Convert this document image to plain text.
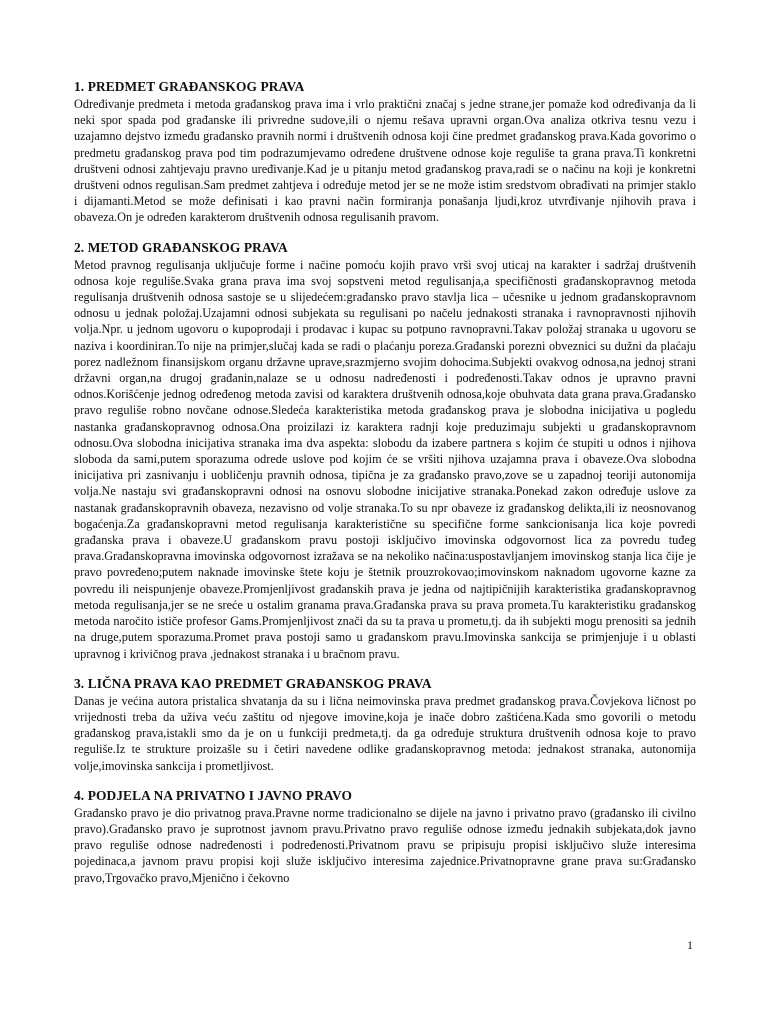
1. PREDMET GRAĐANSKOG PRAVA

Određivanje predmeta i metoda građanskog prava ima i vrlo praktični značaj s jedne strane,jer pomaže kod određivanja da li neki spor spada pod građanske ili privredne sudove,ili o njemu rešava upravni organ.Ova analiza otkriva tesnu vezu i uzajamno dejstvo između građansko pravnih normi i društvenih odnosa koji čine predmet građanskog prava.Kada govorimo o predmetu građanskog prava pod tim podrazumjevamo određene društvene odnose koje reguliše ta grana prava.Ti konkretni društveni odnosi zahtjevaju pravno uređivanje.Kad je u pitanju metod građanskog prava,radi se o načinu na koji je konkretni društveni odnos regulisan.Sam predmet zahtjeva i određuje metod jer se ne može istim sredstvom obrađivati na primjer staklo i dijamanti.Metod se može definisati i kao pravni način formiranja ponašanja ljudi,kroz utvrđivanje njihovih prava i obaveza.On je određen karakterom društvenih odnosa regulisanih pravom.

2. METOD GRAĐANSKOG PRAVA

Metod pravnog regulisanja uključuje forme i načine pomoću kojih pravo vrši svoj uticaj na karakter i sadržaj društvenih odnosa koje reguliše.Svaka grana prava ima svoj sopstveni metod regulisanja,a specifičnosti građanskopravnog metoda regulisanja društvenih odnosa sastoje se u slijedećem:građansko pravo stavlja lica – učesnike u jednom građanskopravnom odnosu u jednak položaj.Uzajamni odnosi subjekata su regulisani po načelu jednakosti stranaka i ravnopravnosti njihovih volja.Npr. u jednom ugovoru o kupoprodaji i prodavac i kupac su potpuno ravnopravni.Takav položaj stranaka u ugovoru se naziva i koordiniran.To nije na primjer,slučaj kada se radi o plaćanju poreza.Građanski porezni obveznici su dužni da plaćaju porez nadležnom finansijskom organu državne uprave,srazmjerno svojim dohocima.Subjekti ovakvog odnosa,na jednoj strani državni organ,na drugoj građanin,nalaze se u odnosu nadređenosti i podređenosti.Takav odnos je upravno pravni odnos.Korišćenje jednog određenog metoda zavisi od karaktera društvenih odnosa,koje obuhvata data grana prava.Građansko pravo reguliše robno novčane odnose.Sledeća karakteristika metoda građanskog prava je slobodna inicijativa u pogledu nastanka građanskopravnog odnosa.Ona proizilazi iz karaktera radnji koje preduzimaju subjekti u građanskopravnom odnosu.Ova slobodna inicijativa stranaka ima dva aspekta: slobodu da izabere partnera s kojim će stupiti u odnos i njihova sloboda da sami,putem sporazuma odrede uslove pod kojim će se vršiti njihova uzajamna prava i obaveze.Ova slobodna inicijativa pri zasnivanju i uobličenju pravnih odnosa, tipična je za građansko pravo,zove se u zapadnoj teoriji autonomija volja.Ne nastaju svi građanskopravni odnosi na osnovu slobodne inicijative stranaka.Ponekad zakon određuje uslove za nastanak građanskopravnih obaveza, nezavisno od volje stranaka.To su npr obaveze iz građanskog delikta,ili iz neosnovanog bogaćenja.Za građanskopravni metod regulisanja karakteristične su specifične forme sankcionisanja lica koje povredi građanska prava i obaveze.U građanskom pravu postoji isključivo imovinska odgovornost lica za povredu tuđeg prava.Građanskopravna imovinska odgovornost izražava se na nekoliko načina:uspostavljanjem imovinskog stanja lica čije je pravo povređeno;putem naknade imovinske štete koju je štetnik prouzrokovao;imovinskom naknadom ugovorne kazne za povredu ili neispunjenje obaveze.Promjenljivost građanskih prava je jedna od najtipičnijih karakteristika građanskopravnog metoda regulisanja,jer se ne sreće u ostalim granama prava.Građanska prava su prava prometa.Tu karakteristiku građanskog metoda naročito ističe profesor Gams.Promjenljivost znači da su ta prava u prometu,tj. da ih subjekti mogu prenositi sa jednih na druge,putem sporazuma.Promet prava postoji samo u građanskom pravu.Imovinska sankcija se primjenjuje i u oblasti upravnog i krivičnog prava ,jednakost stranaka i u bračnom pravu.

3. LIČNA PRAVA KAO PREDMET GRAĐANSKOG PRAVA

Danas je većina autora pristalica shvatanja da su i lična neimovinska prava predmet građanskog prava.Čovjekova ličnost po vrijednosti treba da uživa veću zaštitu od njegove imovine,koja je inače dobro zaštićena.Kada smo govorili o metodu građanskog prava,istakli smo da je on u funkciji predmeta,tj. da ga određuje struktura društvenih odnosa koje to pravo reguliše.Iz te strukture proizašle su i četiri navedene odlike građanskopravnog metoda: jednakost stranaka, autonomija volje,imovinska sankcija i prometljivost.

4. PODJELA NA PRIVATNO I JAVNO PRAVO

Građansko pravo je dio privatnog prava.Pravne norme tradicionalno se dijele na javno i privatno pravo (građansko ili civilno pravo).Građansko pravo je suprotnost javnom pravu.Privatno pravo reguliše odnose između jednakih subjekata,dok javno pravo reguliše odnose nadređenosti i podređenosti.Privatnom pravu se pripisuju propisi isključivo služe interesima pojedinaca,a javnom pravu propisi koji služe isključivo interesima zajednice.Privatnopravne grane prava su:Građansko pravo,Trgovačko pravo,Mjenično i čekovno

1
